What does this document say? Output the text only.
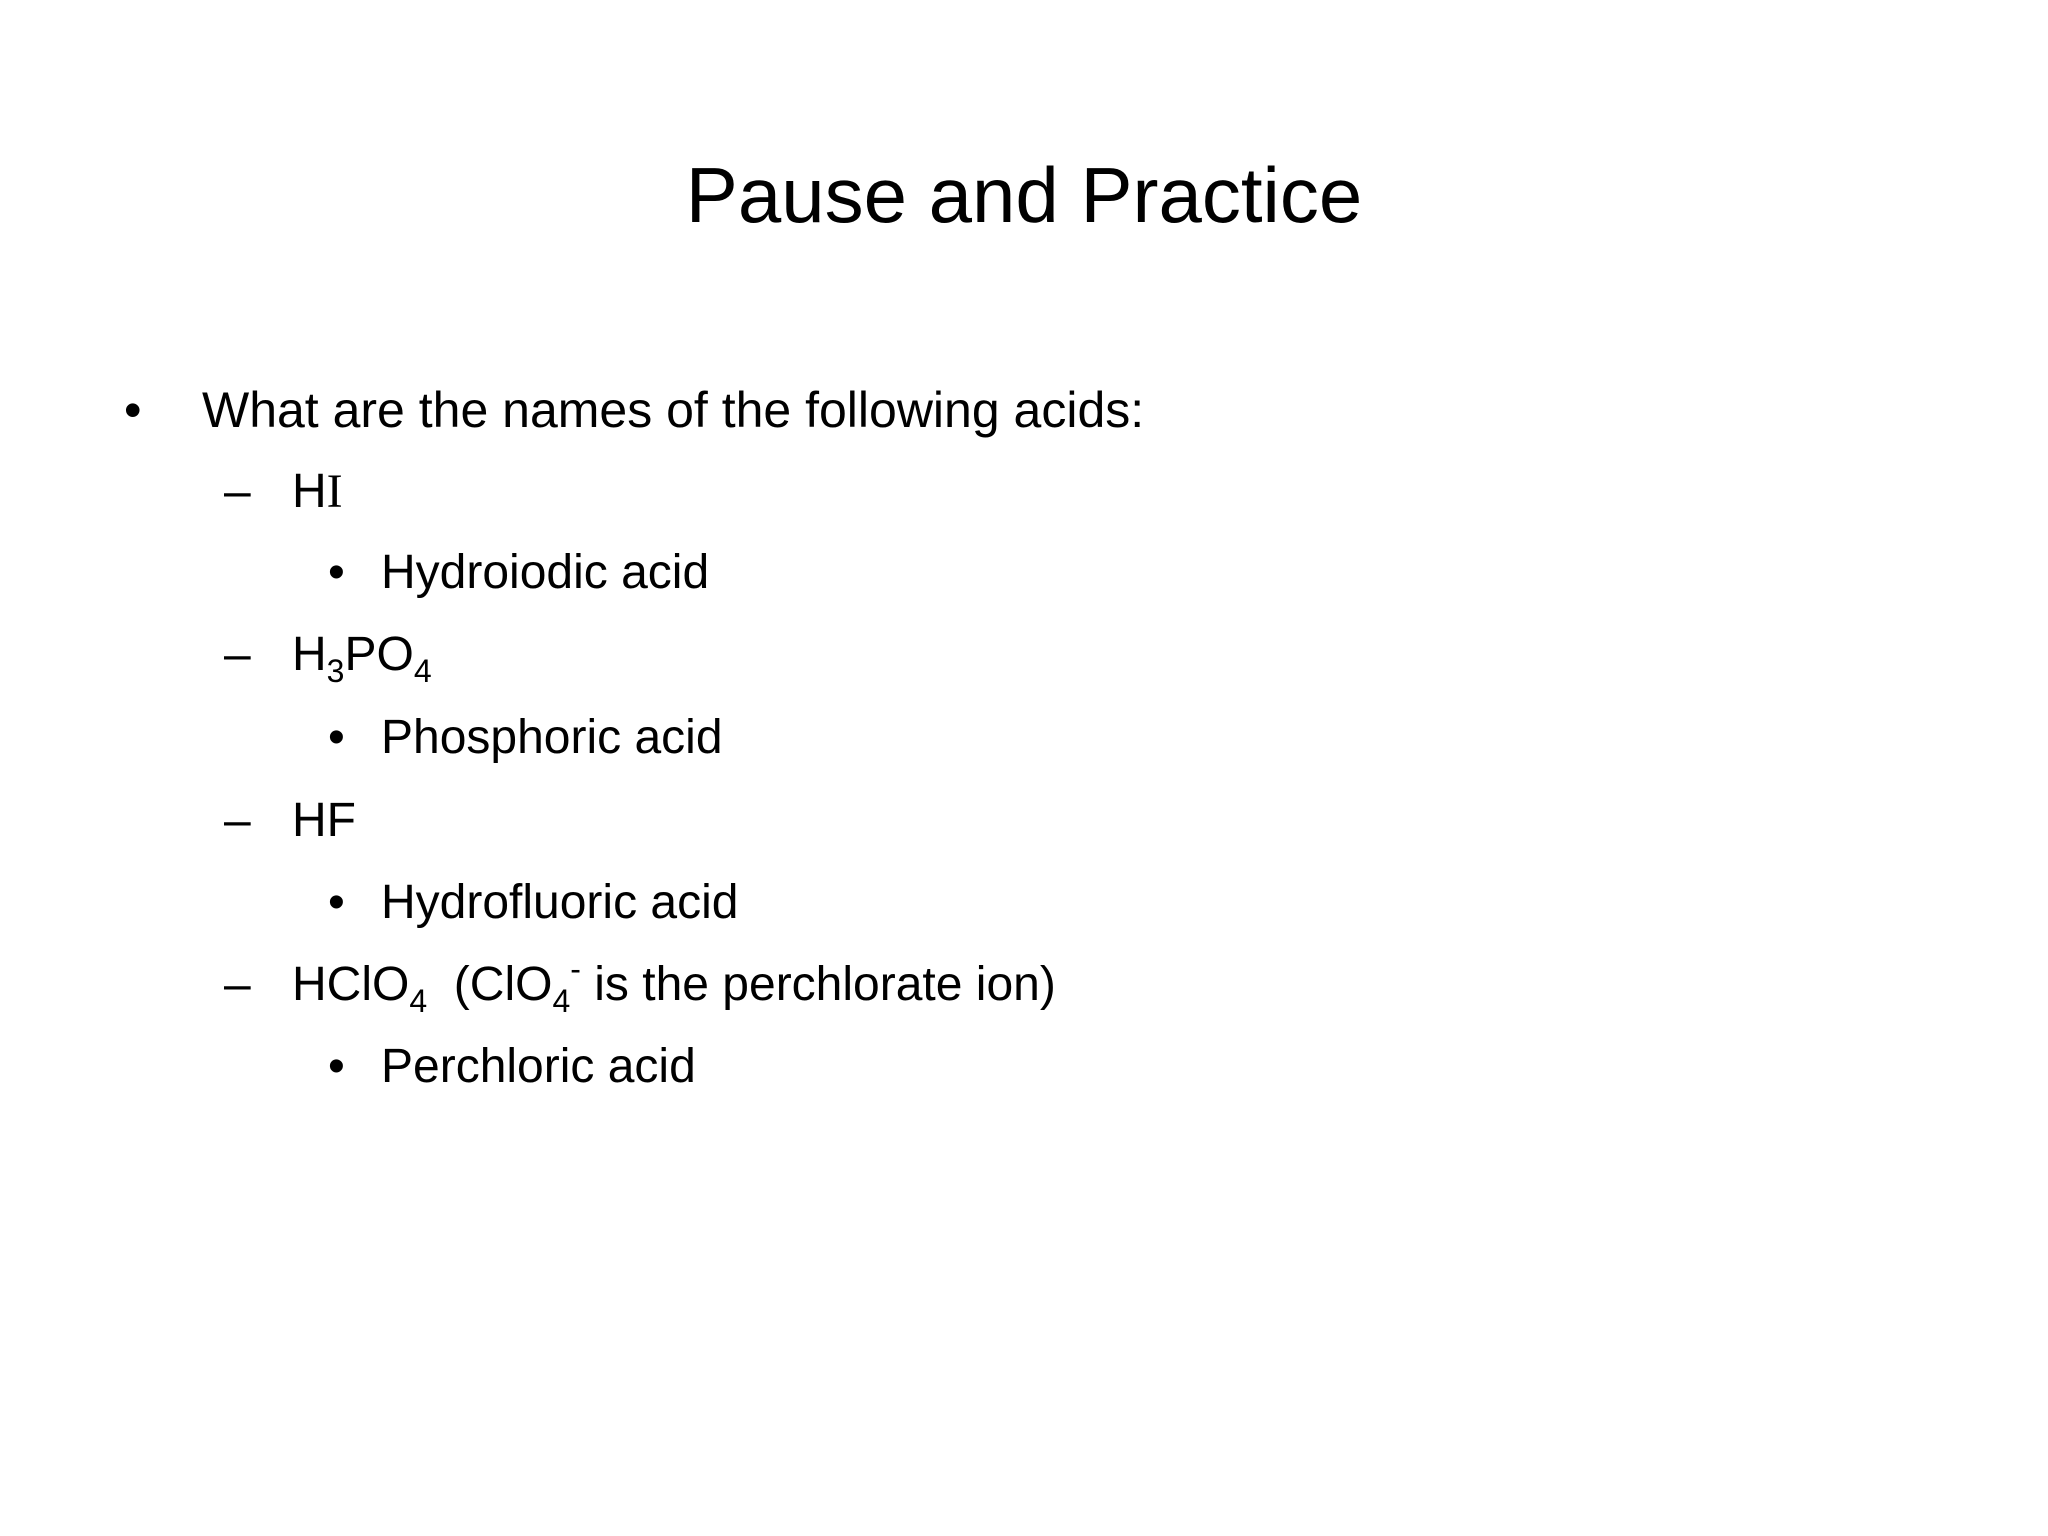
Pause and Practice
• What are the names of the following acids:
– HI
• Hydroiodic acid
– $H_3PO_4$
• Phosphoric acid
– HF
• Hydrofluoric acid
– HClO$_4$  (ClO$_4$- is the perchlorate ion)
• Perchloric acid
